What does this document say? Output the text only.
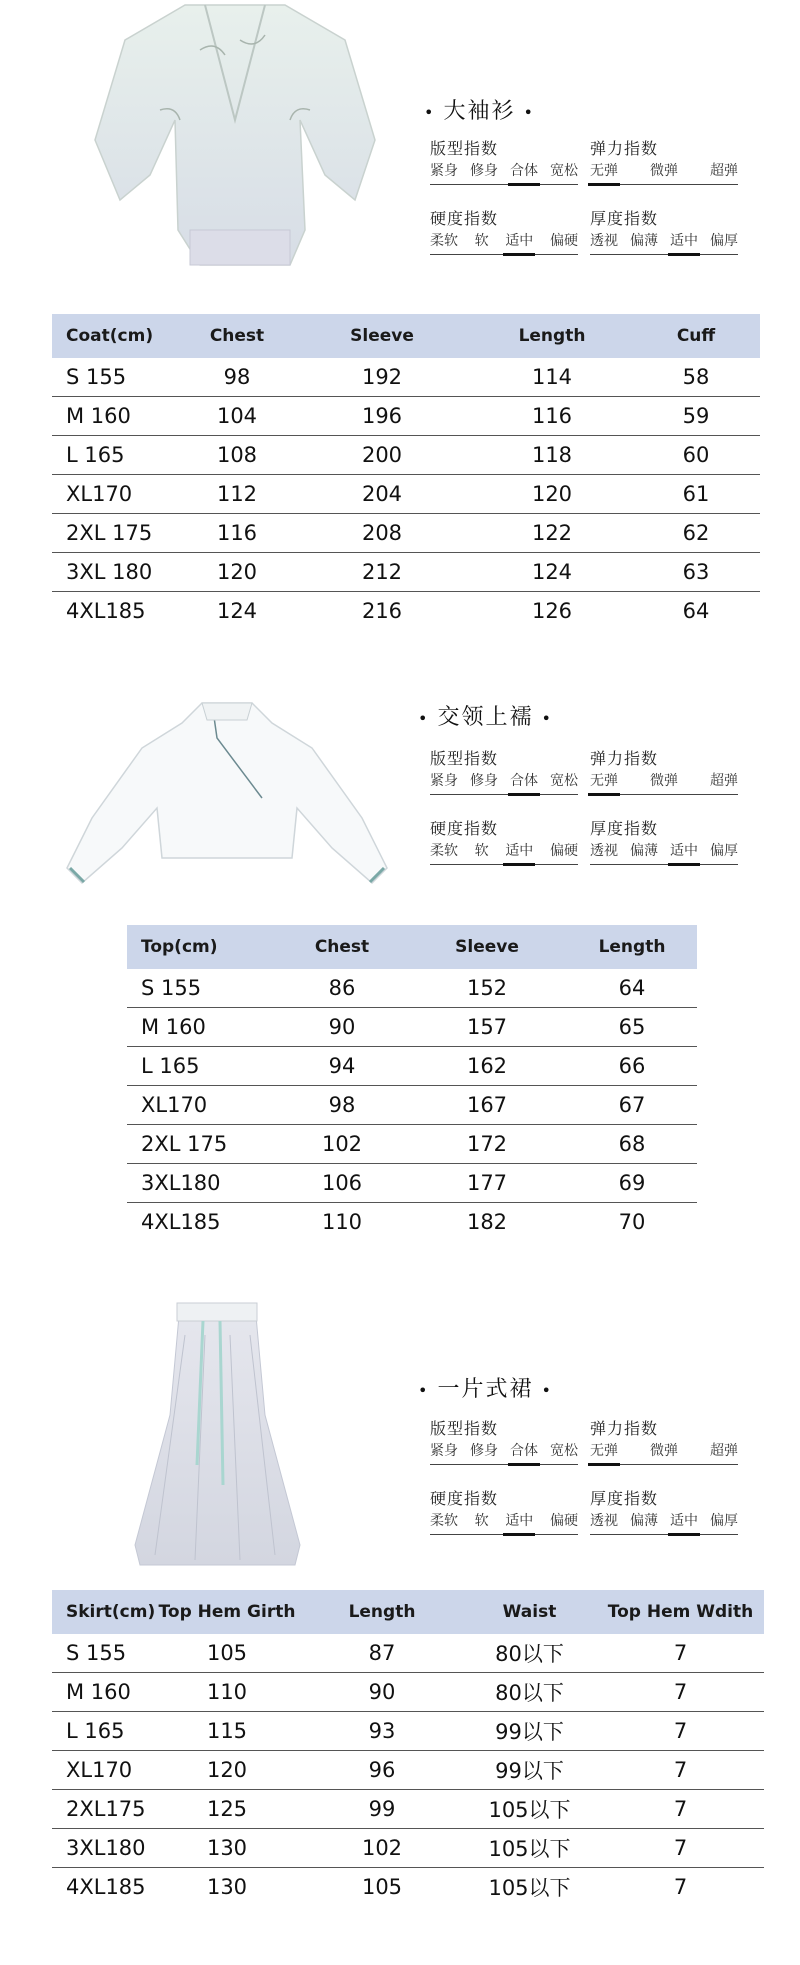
• 大袖衫 •
版型指数
紧身 修身 合体 宽松
弹力指数
无弹 微弹 超弹
硬度指数
柔软 软 适中 偏硬
厚度指数
透视 偏薄 适中 偏厚
Coat(cm)	Chest	Sleeve	Length	Cuff
S 155	98	192	114	58
M 160	104	196	116	59
L 165	108	200	118	60
XL170	112	204	120	61
2XL 175	116	208	122	62
3XL 180	120	212	124	63
4XL185	124	216	126	64
• 交领上襦 •
版型指数
紧身 修身 合体 宽松
弹力指数
无弹 微弹 超弹
硬度指数
柔软 软 适中 偏硬
厚度指数
透视 偏薄 适中 偏厚
Top(cm)	Chest	Sleeve	Length
S 155	86	152	64
M 160	90	157	65
L 165	94	162	66
XL170	98	167	67
2XL 175	102	172	68
3XL180	106	177	69
4XL185	110	182	70
• 一片式裙 •
版型指数
紧身 修身 合体 宽松
弹力指数
无弹 微弹 超弹
硬度指数
柔软 软 适中 偏硬
厚度指数
透视 偏薄 适中 偏厚
Skirt(cm)	Top Hem Girth	Length	Waist	Top Hem Wdith
S 155	105	87	80以下	7
M 160	110	90	80以下	7
L 165	115	93	99以下	7
XL170	120	96	99以下	7
2XL175	125	99	105以下	7
3XL180	130	102	105以下	7
4XL185	130	105	105以下	7
